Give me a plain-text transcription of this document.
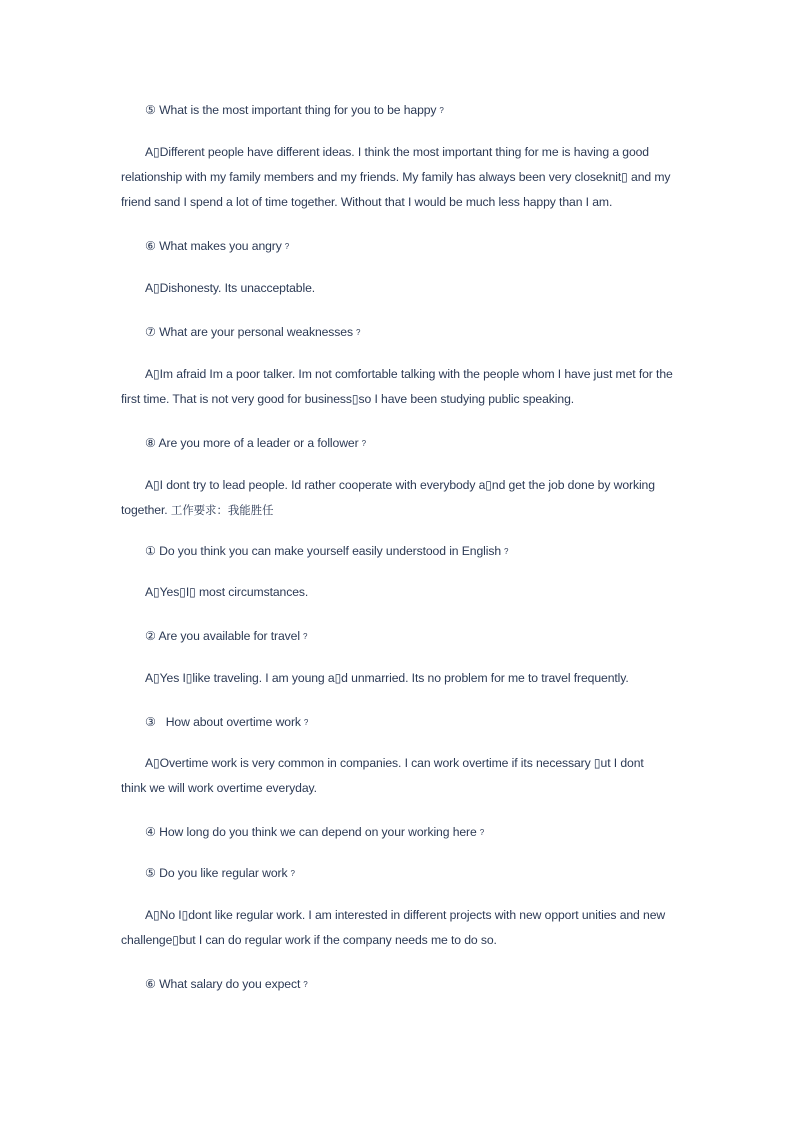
⑤ What is the most important thing for you to be happy ?
A▯Different people have different ideas. I think the most important thing for me is having a good
relationship with my family members and my friends. My family has always been very closeknit▯ and my
friend sand I spend a lot of time together. Without that I would be much less happy than I am.
⑥ What makes you angry ?
A▯Dishonesty. Its unacceptable.
⑦ What are your personal weaknesses ?
A▯Im afraid Im a poor talker. Im not comfortable talking with the people whom I have just met for the
first time. That is not very good for business▯so I have been studying public speaking.
⑧ Are you more of a leader or a follower ?
A▯I dont try to lead people. Id rather cooperate with everybody a▯nd get the job done by working
together. 工作要求：我能胜任
① Do you think you can make yourself easily understood in English ?
A▯Yes▯I▯ most circumstances.
② Are you available for travel ?
A▯Yes I▯like traveling. I am young a▯d unmarried. Its no problem for me to travel frequently.
③   How about overtime work ?
A▯Overtime work is very common in companies. I can work overtime if its necessary ▯ut I dont
think we will work overtime everyday.
④ How long do you think we can depend on your working here ?
⑤ Do you like regular work ?
A▯No I▯dont like regular work. I am interested in different projects with new opport unities and new
challenge▯but I can do regular work if the company needs me to do so.
⑥ What salary do you expect ?
